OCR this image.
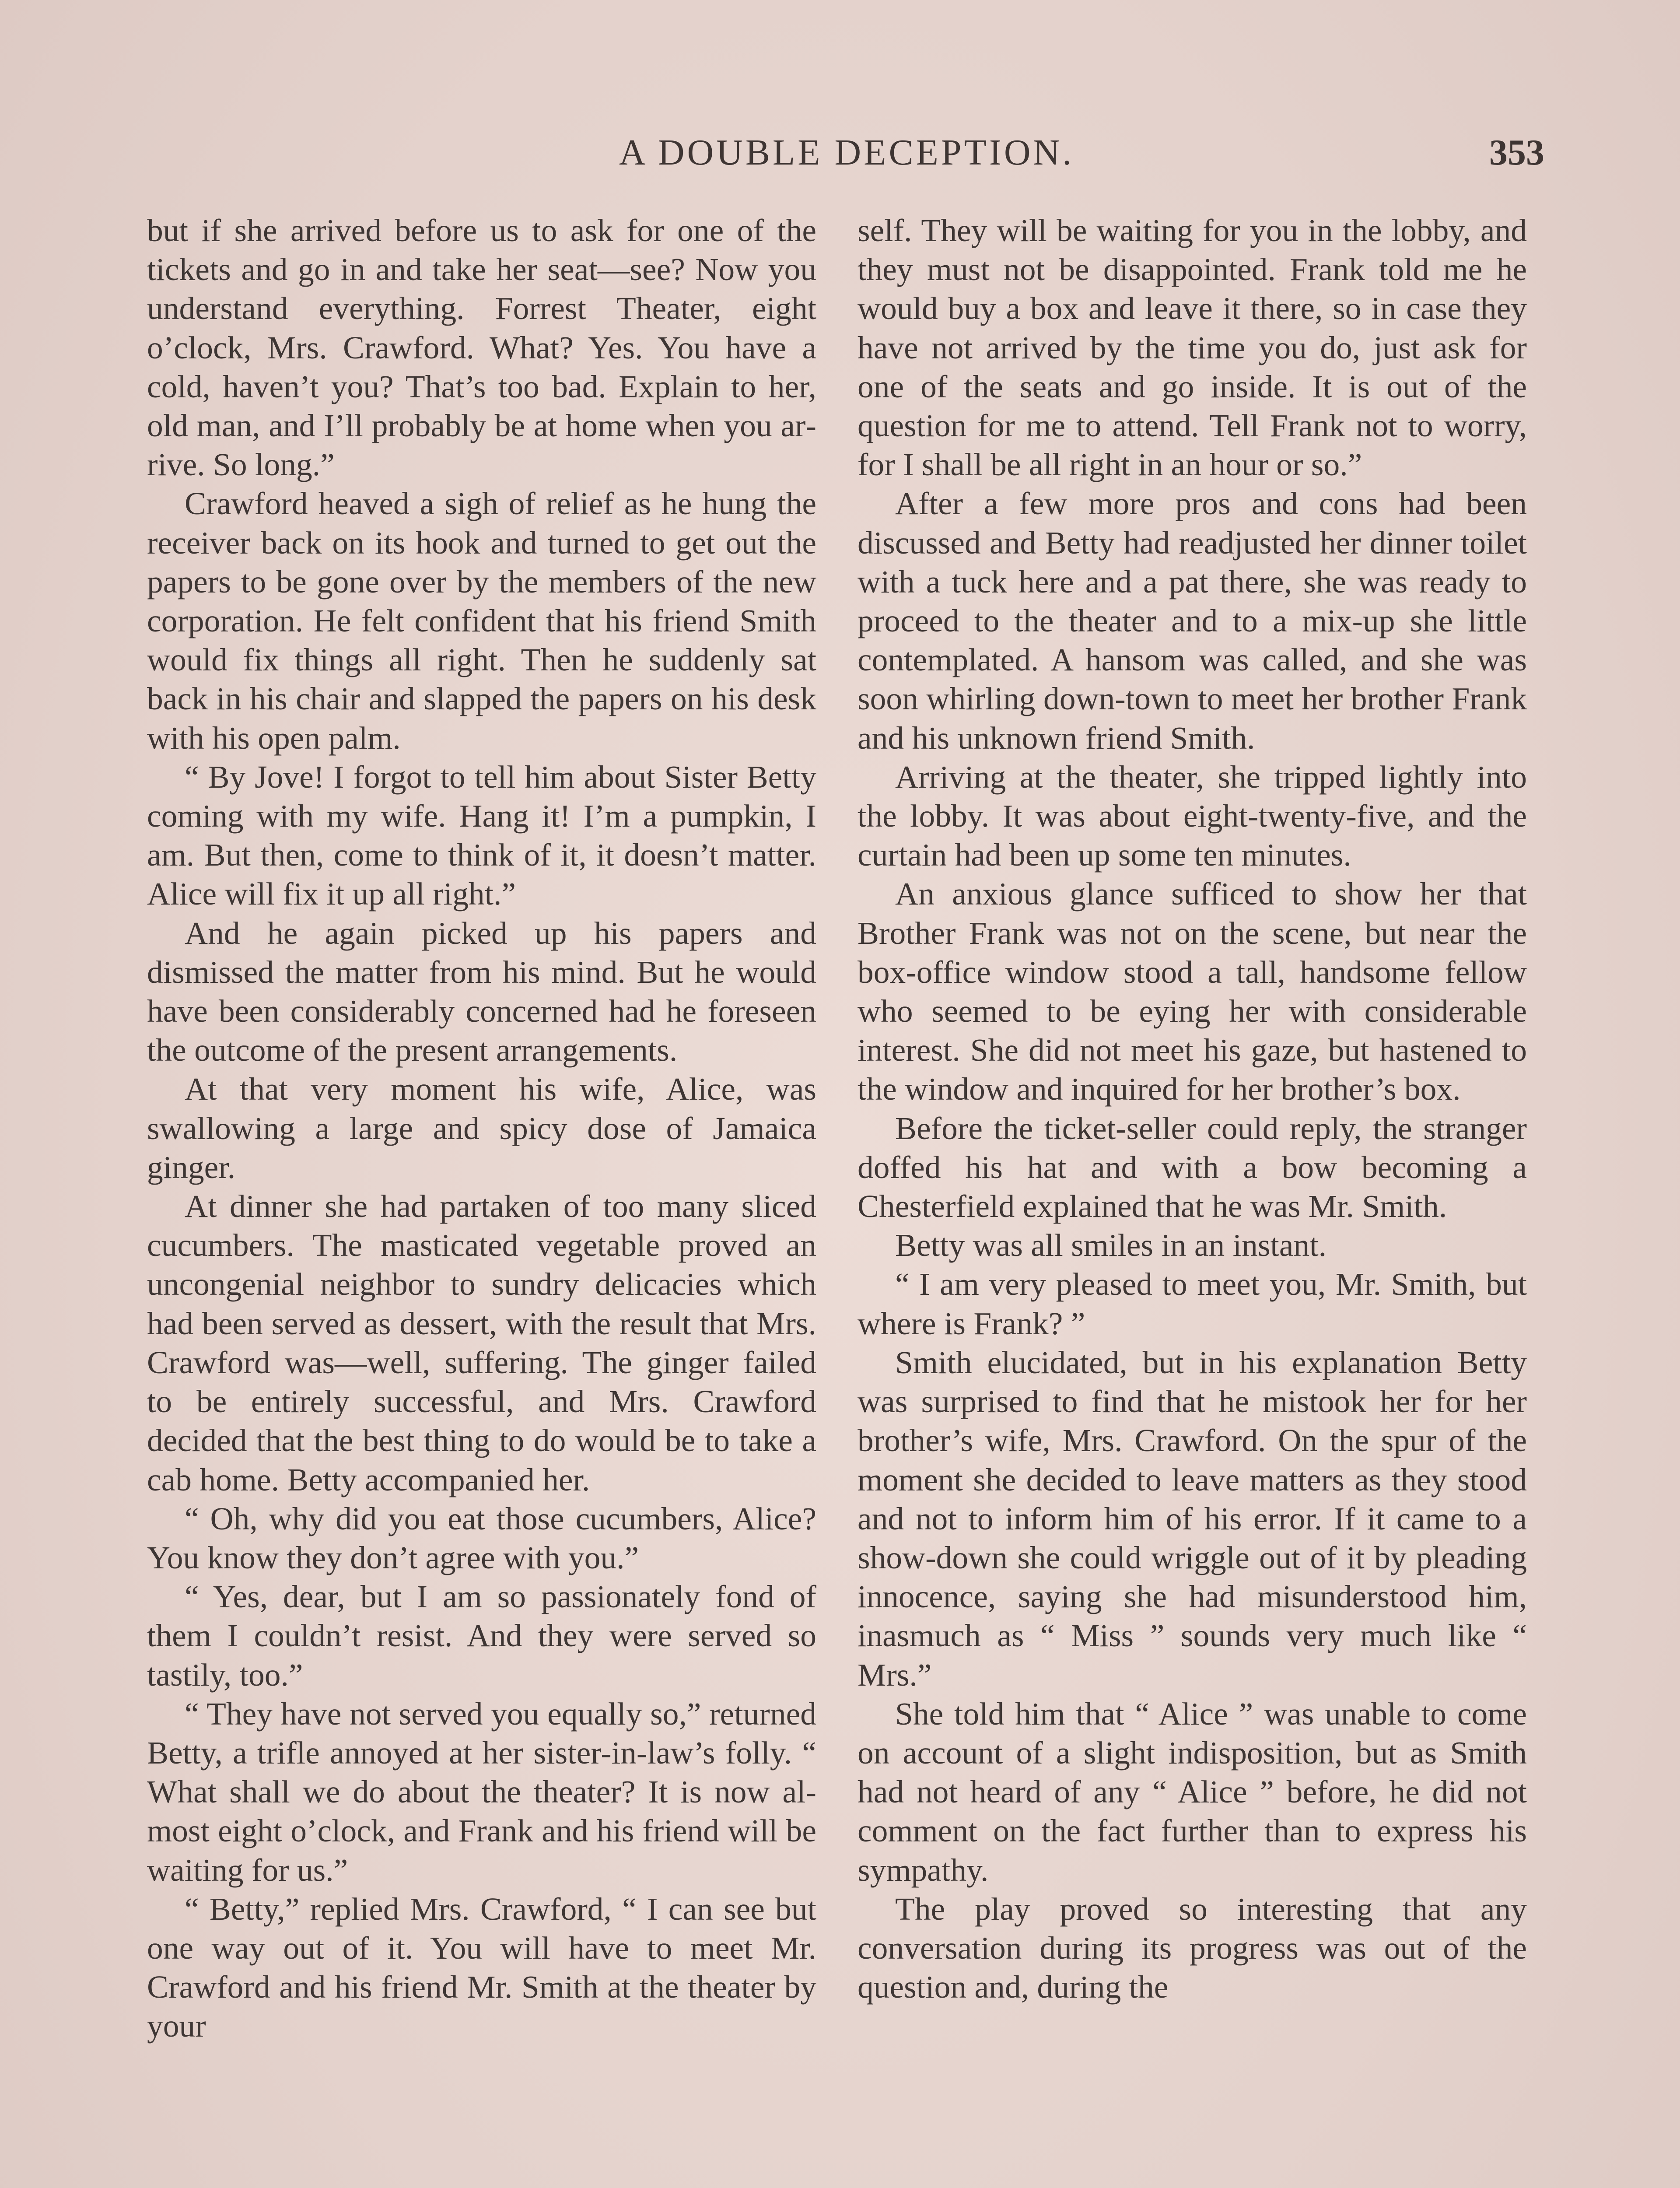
A DOUBLE DECEPTION.	353

but if she arrived before us to ask for one of the tickets and go in and take her seat—see? Now you understand everything. Forrest Theater, eight o’clock, Mrs. Crawford. What? Yes. You have a cold, haven’t you? That’s too bad. Explain to her, old man, and I’ll probably be at home when you arrive. So long.”

Crawford heaved a sigh of relief as he hung the receiver back on its hook and turned to get out the papers to be gone over by the members of the new corporation. He felt confident that his friend Smith would fix things all right. Then he suddenly sat back in his chair and slapped the papers on his desk with his open palm.

“ By Jove! I forgot to tell him about Sister Betty coming with my wife. Hang it! I’m a pumpkin, I am. But then, come to think of it, it doesn’t matter. Alice will fix it up all right.”

And he again picked up his papers and dismissed the matter from his mind. But he would have been considerably concerned had he foreseen the outcome of the present arrangements.

At that very moment his wife, Alice, was swallowing a large and spicy dose of Jamaica ginger.

At dinner she had partaken of too many sliced cucumbers. The masticated vegetable proved an uncongenial neighbor to sundry delicacies which had been served as dessert, with the result that Mrs. Crawford was—well, suffering. The ginger failed to be entirely successful, and Mrs. Crawford decided that the best thing to do would be to take a cab home. Betty accompanied her.

“ Oh, why did you eat those cucumbers, Alice? You know they don’t agree with you.”

“ Yes, dear, but I am so passionately fond of them I couldn’t resist. And they were served so tastily, too.”

“ They have not served you equally so,” returned Betty, a trifle annoyed at her sister-in-law’s folly. “ What shall we do about the theater? It is now almost eight o’clock, and Frank and his friend will be waiting for us.”

“ Betty,” replied Mrs. Crawford, “ I can see but one way out of it. You will have to meet Mr. Crawford and his friend Mr. Smith at the theater by your

self. They will be waiting for you in the lobby, and they must not be disappointed. Frank told me he would buy a box and leave it there, so in case they have not arrived by the time you do, just ask for one of the seats and go inside. It is out of the question for me to attend. Tell Frank not to worry, for I shall be all right in an hour or so.”

After a few more pros and cons had been discussed and Betty had readjusted her dinner toilet with a tuck here and a pat there, she was ready to proceed to the theater and to a mix-up she little contemplated. A hansom was called, and she was soon whirling down-town to meet her brother Frank and his unknown friend Smith.

Arriving at the theater, she tripped lightly into the lobby. It was about eight-twenty-five, and the curtain had been up some ten minutes.

An anxious glance sufficed to show her that Brother Frank was not on the scene, but near the box-office window stood a tall, handsome fellow who seemed to be eying her with considerable interest. She did not meet his gaze, but hastened to the window and inquired for her brother’s box.

Before the ticket-seller could reply, the stranger doffed his hat and with a bow becoming a Chesterfield explained that he was Mr. Smith.

Betty was all smiles in an instant.

“ I am very pleased to meet you, Mr. Smith, but where is Frank? ”

Smith elucidated, but in his explanation Betty was surprised to find that he mistook her for her brother’s wife, Mrs. Crawford. On the spur of the moment she decided to leave matters as they stood and not to inform him of his error. If it came to a show-down she could wriggle out of it by pleading innocence, saying she had misunderstood him, inasmuch as “ Miss ” sounds very much like “ Mrs.”

She told him that “ Alice ” was unable to come on account of a slight indisposition, but as Smith had not heard of any “ Alice ” before, he did not comment on the fact further than to express his sympathy.

The play proved so interesting that any conversation during its progress was out of the question and, during the
